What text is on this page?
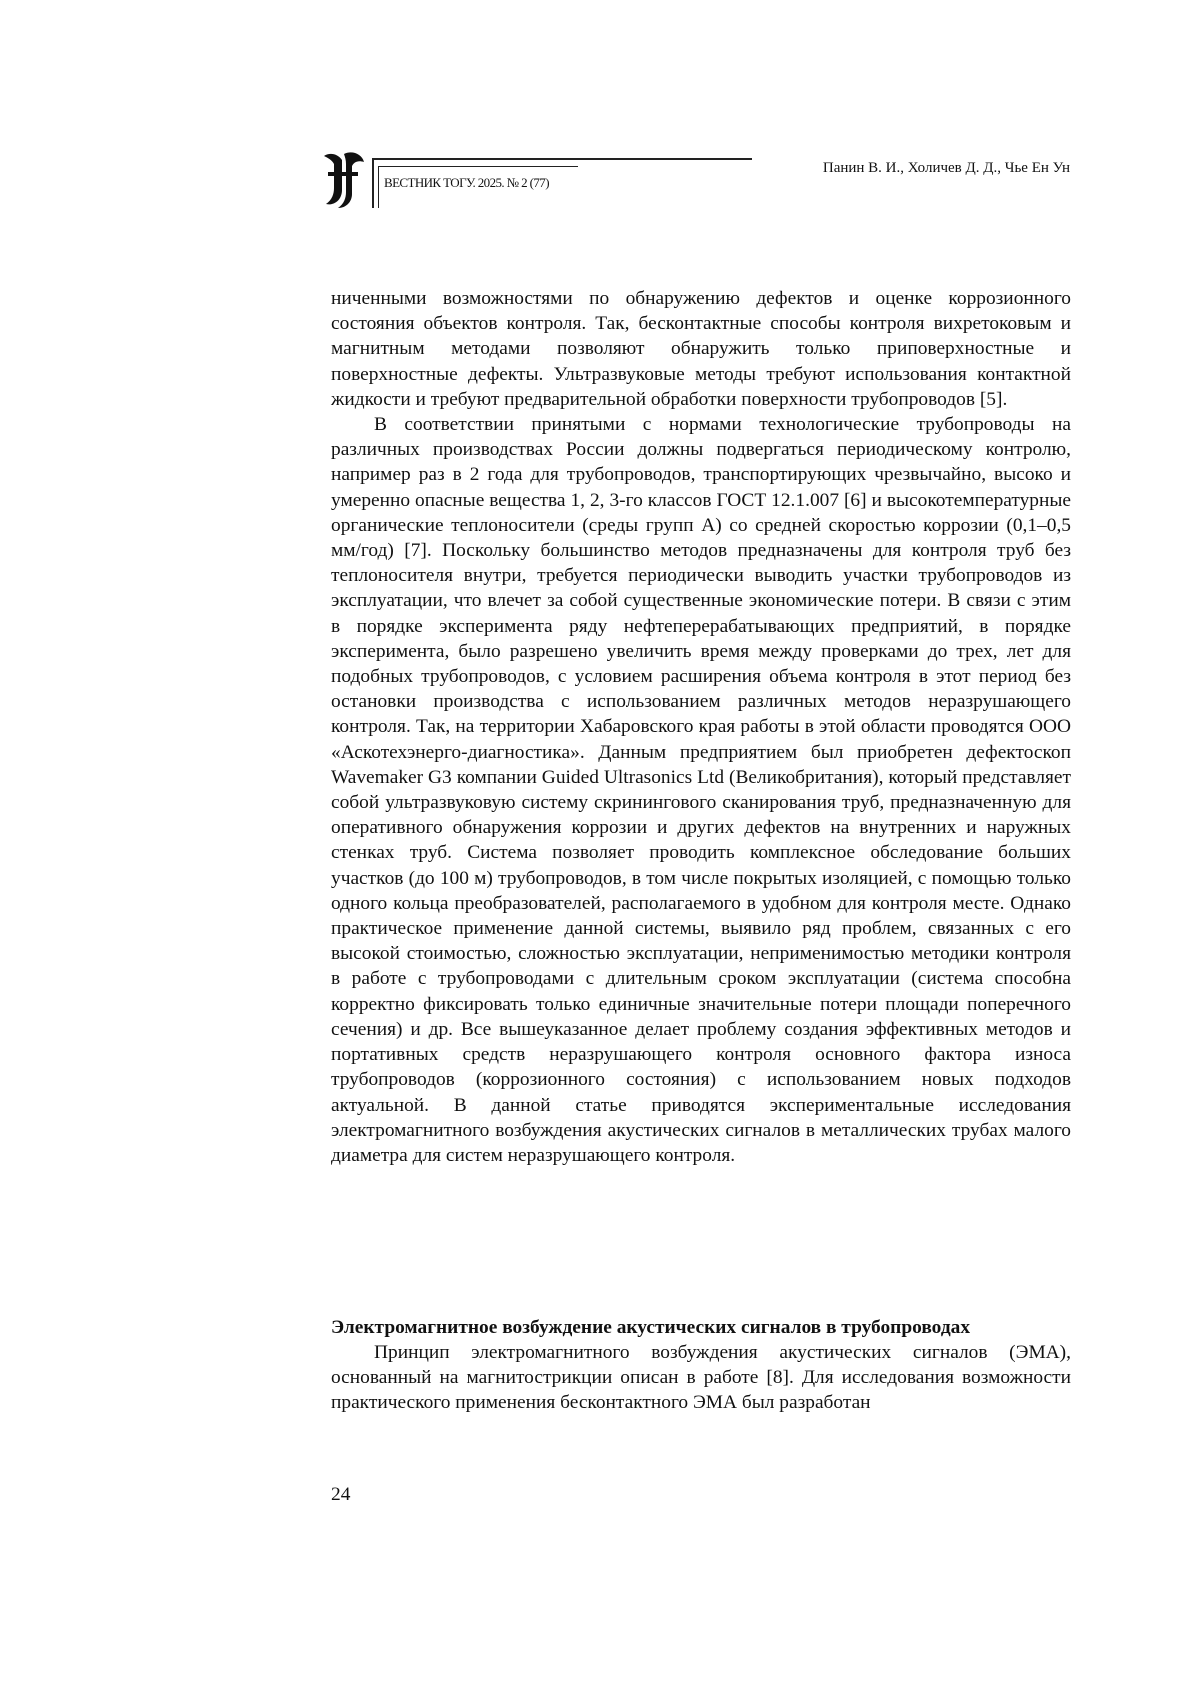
ВЕСТНИК ТОГУ. 2025. № 2 (77)
Панин В. И., Холичев Д. Д., Чье Ен Ун

ниченными возможностями по обнаружению дефектов и оценке коррозионного состояния объектов контроля. Так, бесконтактные способы контроля вихретоковым и магнитным методами позволяют обнаружить только приповерхностные и поверхностные дефекты. Ультразвуковые методы требуют использования контактной жидкости и требуют предварительной обработки поверхности трубопроводов [5].

В соответствии принятыми с нормами технологические трубопроводы на различных производствах России должны подвергаться периодическому контролю, например раз в 2 года для трубопроводов, транспортирующих чрезвычайно, высоко и умеренно опасные вещества 1, 2, 3-го классов ГОСТ 12.1.007 [6] и высокотемпературные органические теплоносители (среды групп А) со средней скоростью коррозии (0,1–0,5 мм/год) [7]. Поскольку большинство методов предназначены для контроля труб без теплоносителя внутри, требуется периодически выводить участки трубопроводов из эксплуатации, что влечет за собой существенные экономические потери. В связи с этим в порядке эксперимента ряду нефтеперерабатывающих предприятий, в порядке эксперимента, было разрешено увеличить время между проверками до трех, лет для подобных трубопроводов, с условием расширения объема контроля в этот период без остановки производства с использованием различных методов неразрушающего контроля. Так, на территории Хабаровского края работы в этой области проводятся ООО «Аскотехэнерго-диагностика». Данным предприятием был приобретен дефектоскоп Wavemaker G3 компании Guided Ultrasonics Ltd (Великобритания), который представляет собой ультразвуковую систему скринингового сканирования труб, предназначенную для оперативного обнаружения коррозии и других дефектов на внутренних и наружных стенках труб. Система позволяет проводить комплексное обследование больших участков (до 100 м) трубопроводов, в том числе покрытых изоляцией, с помощью только одного кольца преобразователей, располагаемого в удобном для контроля месте. Однако практическое применение данной системы, выявило ряд проблем, связанных с его высокой стоимостью, сложностью эксплуатации, неприменимостью методики контроля в работе с трубопроводами с длительным сроком эксплуатации (система способна корректно фиксировать только единичные значительные потери площади поперечного сечения) и др. Все вышеуказанное делает проблему создания эффективных методов и портативных средств неразрушающего контроля основного фактора износа трубопроводов (коррозионного состояния) с использованием новых подходов актуальной. В данной статье приводятся экспериментальные исследования электромагнитного возбуждения акустических сигналов в металлических трубах малого диаметра для систем неразрушающего контроля.

Электромагнитное возбуждение акустических сигналов в трубопроводах

Принцип электромагнитного возбуждения акустических сигналов (ЭМА), основанный на магнитострикции описан в работе [8]. Для исследования возможности практического применения бесконтактного ЭМА был разработан

24
